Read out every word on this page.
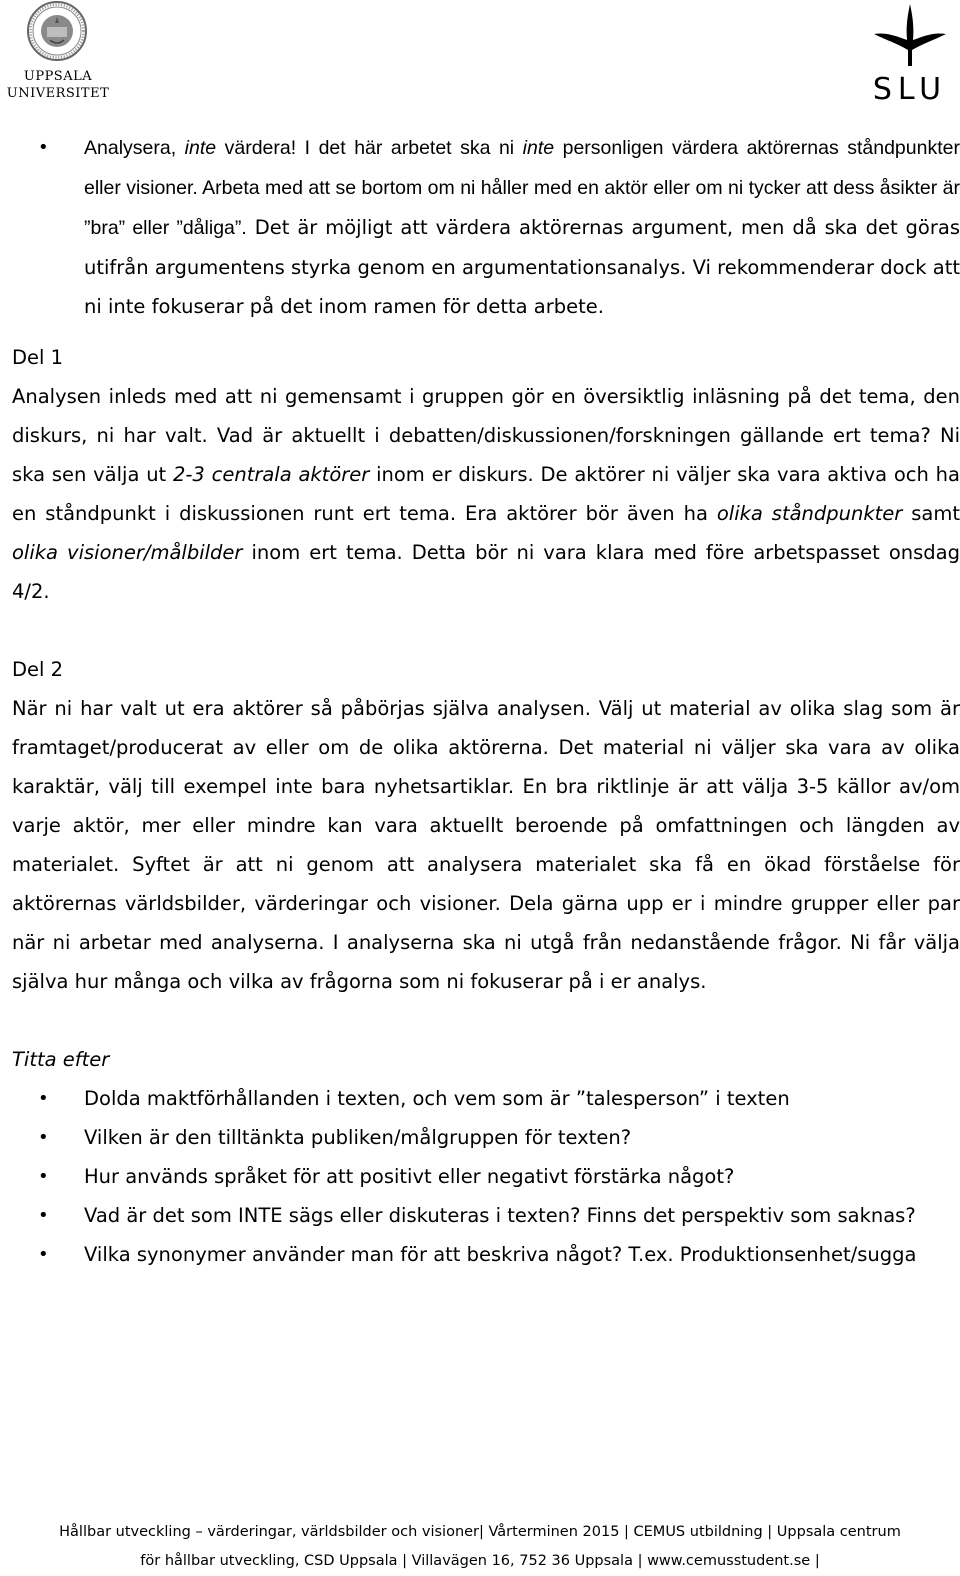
UPPSALA
UNIVERSITET	SLU
• Analysera, inte värdera! I det här arbetet ska ni inte personligen värdera aktörernas ståndpunkter eller visioner. Arbeta med att se bortom om ni håller med en aktör eller om ni tycker att dess åsikter är ”bra” eller ”dåliga”. Det är möjligt att värdera aktörernas argument, men då ska det göras utifrån argumentens styrka genom en argumentationsanalys. Vi rekommenderar dock att ni inte fokuserar på det inom ramen för detta arbete.

Del 1

Analysen inleds med att ni gemensamt i gruppen gör en översiktlig inläsning på det tema, den diskurs, ni har valt. Vad är aktuellt i debatten/diskussionen/forskningen gällande ert tema? Ni ska sen välja ut 2-3 centrala aktörer inom er diskurs. De aktörer ni väljer ska vara aktiva och ha en ståndpunkt i diskussionen runt ert tema. Era aktörer bör även ha olika ståndpunkter samt olika visioner/målbilder inom ert tema. Detta bör ni vara klara med före arbetspasset onsdag 4/2.

Del 2

När ni har valt ut era aktörer så påbörjas själva analysen. Välj ut material av olika slag som är framtaget/producerat av eller om de olika aktörerna. Det material ni väljer ska vara av olika karaktär, välj till exempel inte bara nyhetsartiklar. En bra riktlinje är att välja 3-5 källor av/om varje aktör, mer eller mindre kan vara aktuellt beroende på omfattningen och längden av materialet. Syftet är att ni genom att analysera materialet ska få en ökad förståelse för aktörernas världsbilder, värderingar och visioner. Dela gärna upp er i mindre grupper eller par när ni arbetar med analyserna. I analyserna ska ni utgå från nedanstående frågor. Ni får välja själva hur många och vilka av frågorna som ni fokuserar på i er analys.

Titta efter

• Dolda maktförhållanden i texten, och vem som är ”talesperson” i texten
• Vilken är den tilltänkta publiken/målgruppen för texten?
• Hur används språket för att positivt eller negativt förstärka något?
• Vad är det som INTE sägs eller diskuteras i texten? Finns det perspektiv som saknas?
• Vilka synonymer använder man för att beskriva något? T.ex. Produktionsenhet/sugga
Hållbar utveckling – värderingar, världsbilder och visioner| Vårterminen 2015 | CEMUS utbildning | Uppsala centrum
för hållbar utveckling, CSD Uppsala | Villavägen 16, 752 36 Uppsala | www.cemusstudent.se |
